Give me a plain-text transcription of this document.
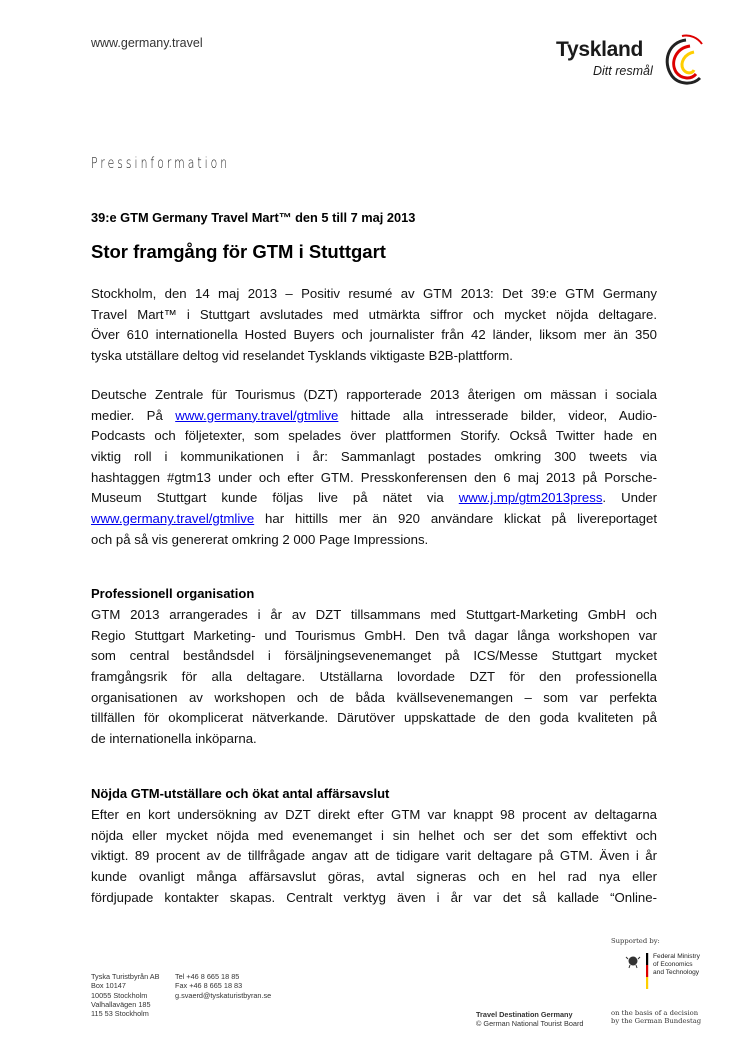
www.germany.travel	Tyskland
Ditt resmål
Pressinformation
39:e GTM Germany Travel Mart™ den 5 till 7 maj 2013
Stor framgång för GTM i Stuttgart
Stockholm, den 14 maj 2013 – Positiv resumé av GTM 2013: Det 39:e GTM Germany
Travel Mart™ i Stuttgart avslutades med utmärkta siffror och mycket nöjda deltagare.
Över 610 internationella Hosted Buyers och journalister från 42 länder, liksom mer än 350
tyska utställare deltog vid reselandet Tysklands viktigaste B2B-plattform.
Deutsche Zentrale für Tourismus (DZT) rapporterade 2013 återigen om mässan i sociala
medier. På www.germany.travel/gtmlive hittade alla intresserade bilder, videor, Audio-
Podcasts och följetexter, som spelades över plattformen Storify. Också Twitter hade en
viktig roll i kommunikationen i år: Sammanlagt postades omkring 300 tweets via
hashtaggen #gtm13 under och efter GTM. Presskonferensen den 6 maj 2013 på Porsche-
Museum Stuttgart kunde följas live på nätet via www.j.mp/gtm2013press. Under
www.germany.travel/gtmlive har hittills mer än 920 användare klickat på livereportaget
och på så vis genererat omkring 2 000 Page Impressions.
Professionell organisation
GTM 2013 arrangerades i år av DZT tillsammans med Stuttgart-Marketing GmbH och
Regio Stuttgart Marketing- und Tourismus GmbH. Den två dagar långa workshopen var
som central beståndsdel i försäljningsevenemanget på ICS/Messe Stuttgart mycket
framgångsrik för alla deltagare. Utställarna lovordade DZT för den professionella
organisationen av workshopen och de båda kvällsevenemangen – som var perfekta
tillfällen för okomplicerat nätverkande. Därutöver uppskattade de den goda kvaliteten på
de internationella inköparna.
Nöjda GTM-utställare och ökat antal affärsavslut
Efter en kort undersökning av DZT direkt efter GTM var knappt 98 procent av deltagarna
nöjda eller mycket nöjda med evenemanget i sin helhet och ser det som effektivt och
viktigt. 89 procent av de tillfrågade angav att de tidigare varit deltagare på GTM. Även i år
kunde ovanligt många affärsavslut göras, avtal signeras och en hel rad nya eller
fördjupade kontakter skapas. Centralt verktyg även i år var det så kallade “Online-
Tyska Turistbyrån AB
Box 10147
10055 Stockholm
Valhallavägen 185
115 53 Stockholm
Tel +46 8 665 18 85
Fax +46 8 665 18 83
g.svaerd@tyskaturistbyran.se
Travel Destination Germany
© German National Tourist Board
Supported by:
Federal Ministry
of Economics
and Technology
on the basis of a decision
by the German Bundestag
